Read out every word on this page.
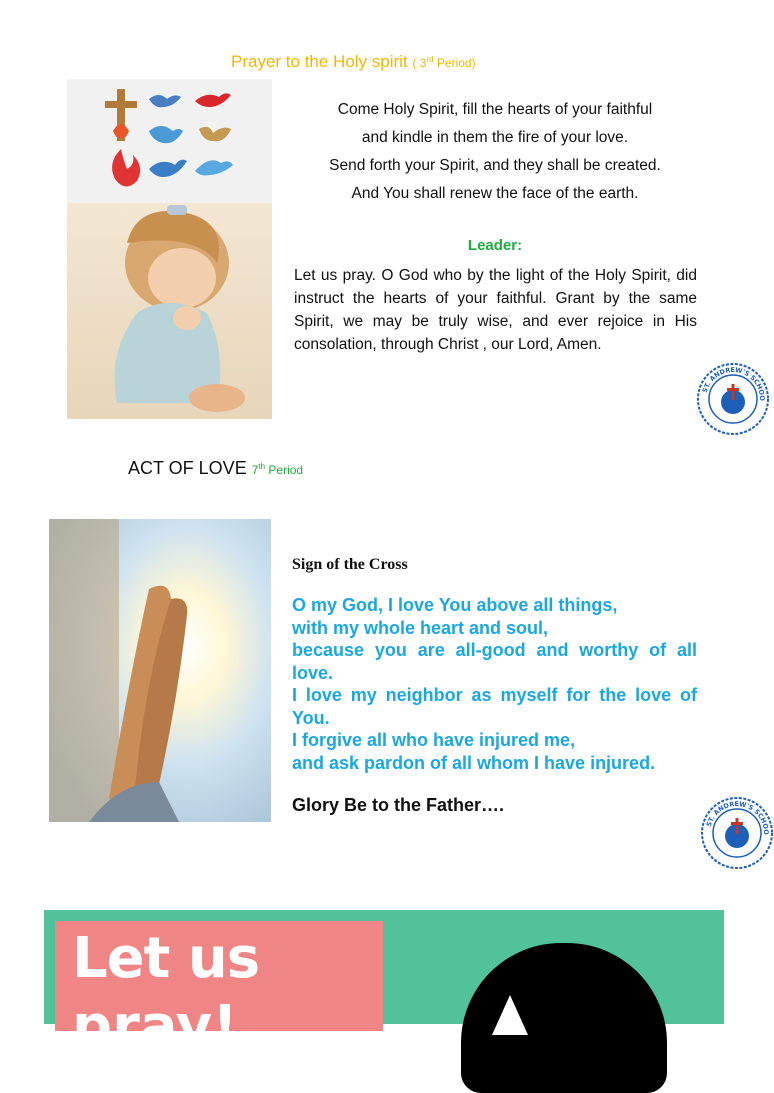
Prayer to the Holy spirit ( 3rd Period)
Come Holy Spirit, fill the hearts of your faithful
and kindle in them the fire of your love.
Send forth your Spirit, and they shall be created.
And You shall renew the face of the earth.
Leader:
Let us pray. O God who by the light of the Holy Spirit, did instruct the hearts of your faithful. Grant by the same Spirit, we may be truly wise, and ever rejoice in His consolation, through Christ , our Lord, Amen.
ST. ANDREW'S SCHOO
ACT OF LOVE 7th Period
Sign of the Cross
O my God, I love You above all things,
with my whole heart and soul,
because you are all-good and worthy of all love.
I love my neighbor as myself for the love of You.
I forgive all who have injured me,
and ask pardon of all whom I have injured.
Glory Be to the Father….
ST. ANDREW'S SCHOO
Let us
pray!
